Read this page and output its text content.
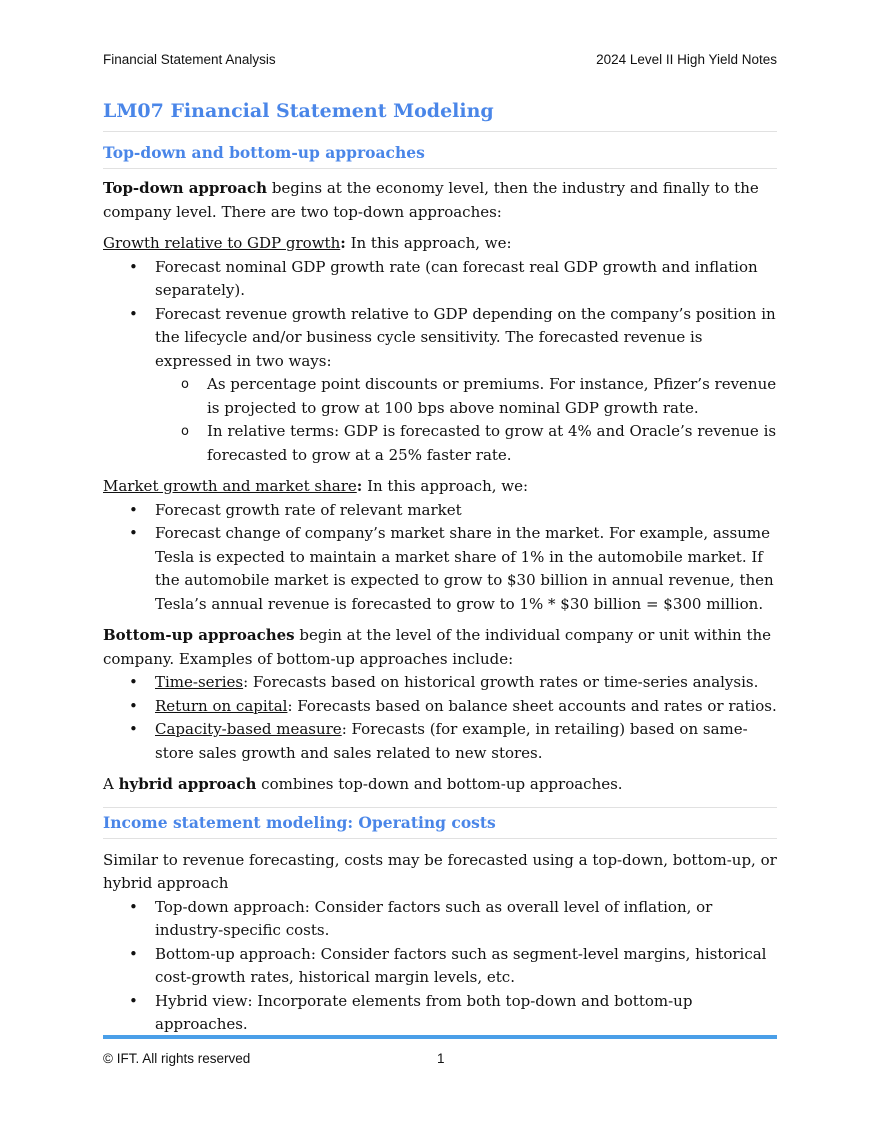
Financial Statement Analysis	2024 Level II High Yield Notes
LM07 Financial Statement Modeling
Top-down and bottom-up approaches

Top-down approach begins at the economy level, then the industry and finally to the company level. There are two top-down approaches:

Growth relative to GDP growth: In this approach, we:

• Forecast nominal GDP growth rate (can forecast real GDP growth and inflation separately).
• Forecast revenue growth relative to GDP depending on the company’s position in the lifecycle and/or business cycle sensitivity. The forecasted revenue is expressed in two ways:
o As percentage point discounts or premiums. For instance, Pfizer’s revenue is projected to grow at 100 bps above nominal GDP growth rate.
o In relative terms: GDP is forecasted to grow at 4% and Oracle’s revenue is forecasted to grow at a 25% faster rate.

Market growth and market share: In this approach, we:

• Forecast growth rate of relevant market
• Forecast change of company’s market share in the market. For example, assume Tesla is expected to maintain a market share of 1% in the automobile market. If the automobile market is expected to grow to $30 billion in annual revenue, then Tesla’s annual revenue is forecasted to grow to 1% * $30 billion = $300 million.

Bottom-up approaches begin at the level of the individual company or unit within the company. Examples of bottom-up approaches include:

• Time-series: Forecasts based on historical growth rates or time-series analysis.
• Return on capital: Forecasts based on balance sheet accounts and rates or ratios.
• Capacity-based measure: Forecasts (for example, in retailing) based on same-store sales growth and sales related to new stores.

A hybrid approach combines top-down and bottom-up approaches.

Income statement modeling: Operating costs

Similar to revenue forecasting, costs may be forecasted using a top-down, bottom-up, or hybrid approach

• Top-down approach: Consider factors such as overall level of inflation, or industry-specific costs.
• Bottom-up approach: Consider factors such as segment-level margins, historical cost-growth rates, historical margin levels, etc.
• Hybrid view: Incorporate elements from both top-down and bottom-up approaches.
© IFT. All rights reserved	1
